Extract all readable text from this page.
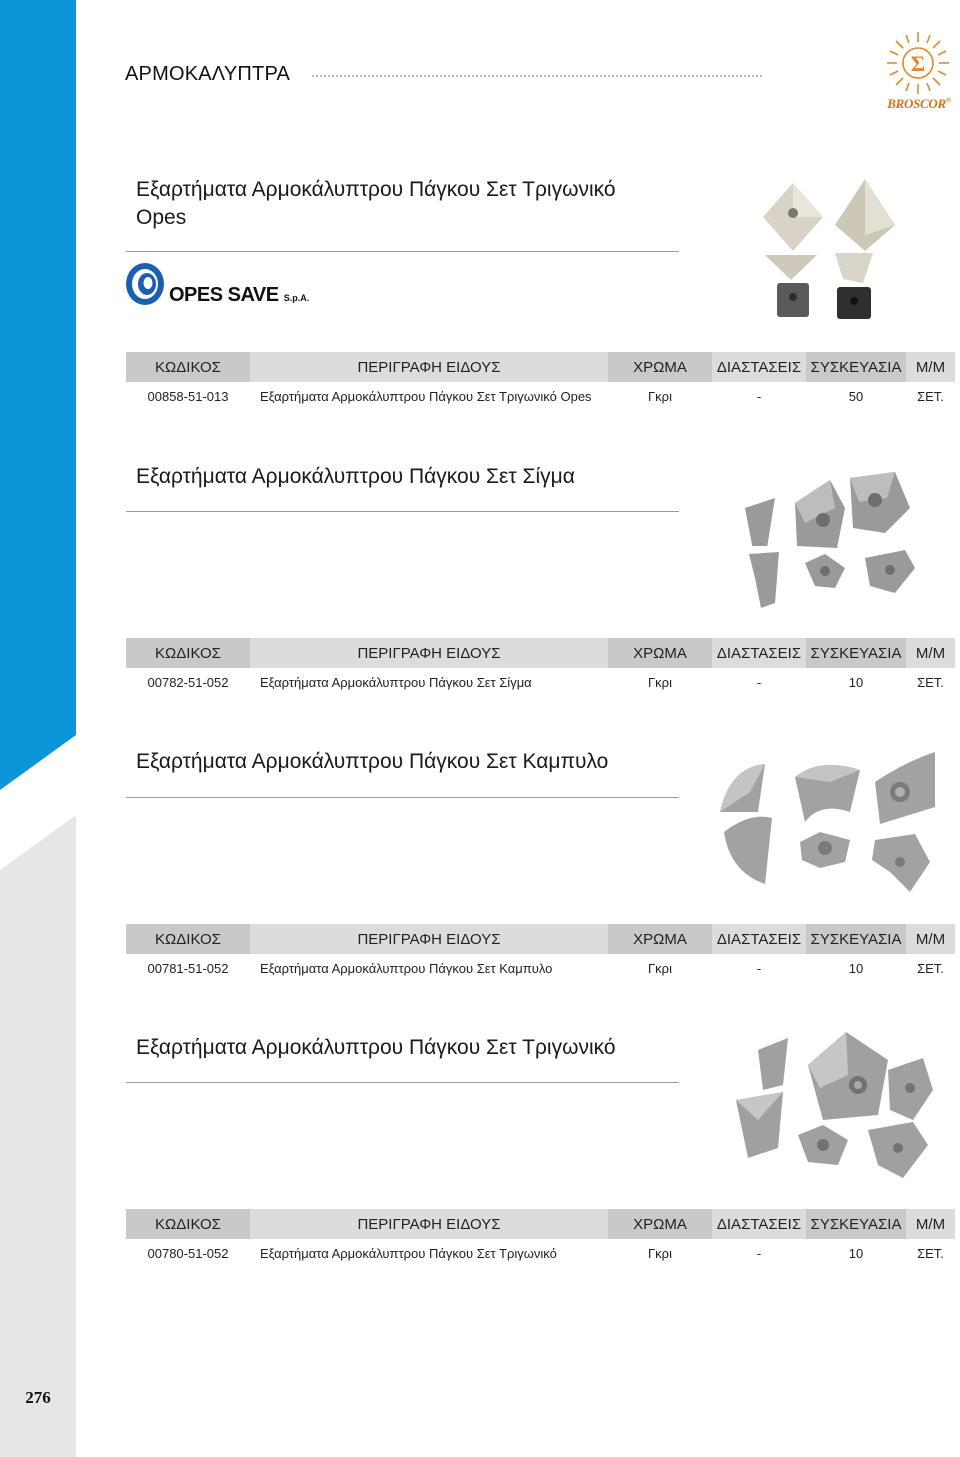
276
ΑΡΜΟΚΑΛΥΠΤΡΑ	Σ
BROSCOR®
Εξαρτήματα Αρμοκάλυπτρου Πάγκου Σετ Τριγωνικό Opes
OPES SAVE S.p.A.
ΚΩΔΙΚΟΣ	ΠΕΡΙΓΡΑΦΗ ΕΙΔΟΥΣ	ΧΡΩΜΑ	ΔΙΑΣΤΑΣΕΙΣ	ΣΥΣΚΕΥΑΣΙΑ	Μ/Μ
00858-51-013	Εξαρτήματα Αρμοκάλυπτρου Πάγκου Σετ Τριγωνικό Opes	Γκρι	-	50	ΣΕΤ.
Εξαρτήματα Αρμοκάλυπτρου Πάγκου Σετ Σίγμα
ΚΩΔΙΚΟΣ	ΠΕΡΙΓΡΑΦΗ ΕΙΔΟΥΣ	ΧΡΩΜΑ	ΔΙΑΣΤΑΣΕΙΣ	ΣΥΣΚΕΥΑΣΙΑ	Μ/Μ
00782-51-052	Εξαρτήματα Αρμοκάλυπτρου Πάγκου Σετ Σίγμα	Γκρι	-	10	ΣΕΤ.
Εξαρτήματα Αρμοκάλυπτρου Πάγκου Σετ Καμπυλο
ΚΩΔΙΚΟΣ	ΠΕΡΙΓΡΑΦΗ ΕΙΔΟΥΣ	ΧΡΩΜΑ	ΔΙΑΣΤΑΣΕΙΣ	ΣΥΣΚΕΥΑΣΙΑ	Μ/Μ
00781-51-052	Εξαρτήματα Αρμοκάλυπτρου Πάγκου Σετ Καμπυλο	Γκρι	-	10	ΣΕΤ.
Εξαρτήματα Αρμοκάλυπτρου Πάγκου Σετ Τριγωνικό
ΚΩΔΙΚΟΣ	ΠΕΡΙΓΡΑΦΗ ΕΙΔΟΥΣ	ΧΡΩΜΑ	ΔΙΑΣΤΑΣΕΙΣ	ΣΥΣΚΕΥΑΣΙΑ	Μ/Μ
00780-51-052	Εξαρτήματα Αρμοκάλυπτρου Πάγκου Σετ Τριγωνικό	Γκρι	-	10	ΣΕΤ.
